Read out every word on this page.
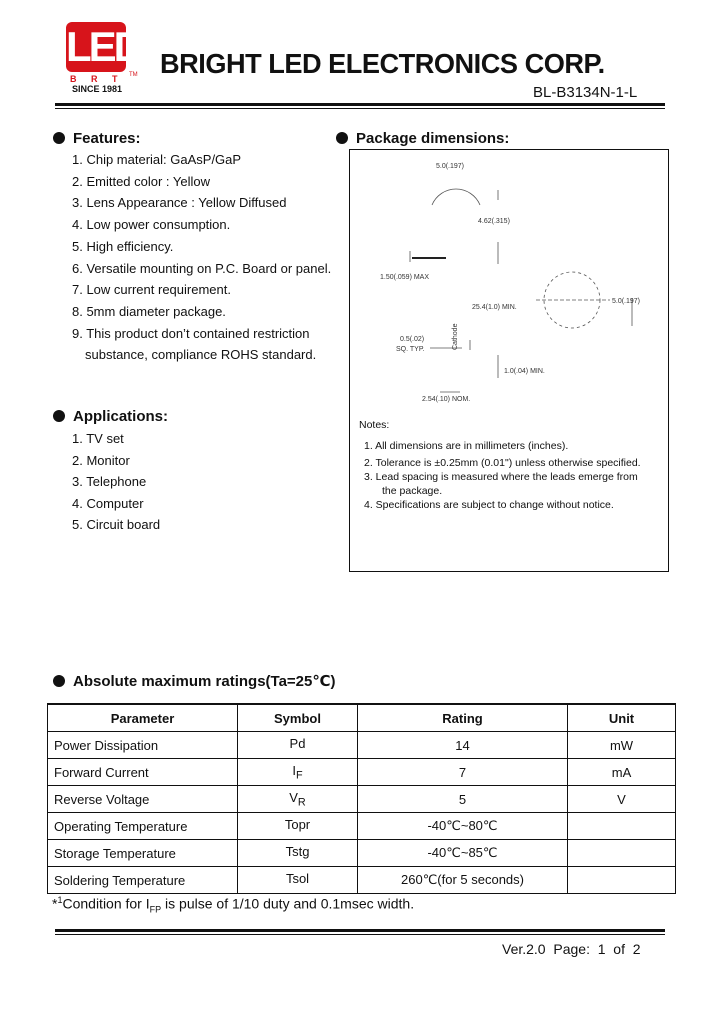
LED
B R T TM
SINCE 1981
BRIGHT LED ELECTRONICS CORP.
BL-B3134N-1-L
Features:
1. Chip material: GaAsP/GaP
2. Emitted color : Yellow
3. Lens Appearance : Yellow Diffused
4. Low power consumption.
5. High efficiency.
6. Versatile mounting on P.C. Board or panel.
7. Low current requirement.
8. 5mm diameter package.
9. This product don’t contained restriction
substance, compliance ROHS standard.
Applications:
1. TV set
2. Monitor
3. Telephone
4. Computer
5. Circuit board
Package dimensions:
5.0(.197)
4.62(.315)
1.50(.059) MAX
25.4(1.0) MIN.
5.0(.197)
0.5(.02)
SQ. TYP.	Cathode
1.0(.04) MIN.
2.54(.10) NOM.
Notes:
1. All dimensions are in millimeters (inches).
2. Tolerance is ±0.25mm (0.01") unless otherwise specified.
3. Lead spacing is measured where the leads emerge from
the package.
4. Specifications are subject to change without notice.
Absolute maximum ratings(Ta=25℃)
Parameter	Symbol	Rating	Unit
Power Dissipation	Pd	14	mW
Forward Current	$I_F$	7	mA
Reverse Voltage	$V_R$	5	V
Operating Temperature	Topr	-40℃~80℃	
Storage Temperature	Tstg	-40℃~85℃	
Soldering Temperature	Tsol	260℃(for 5 seconds)	
*$^1$Condition for $I_{FP}$ is pulse of 1/10 duty and 0.1msec width.
Ver.2.0  Page:  1  of  2
